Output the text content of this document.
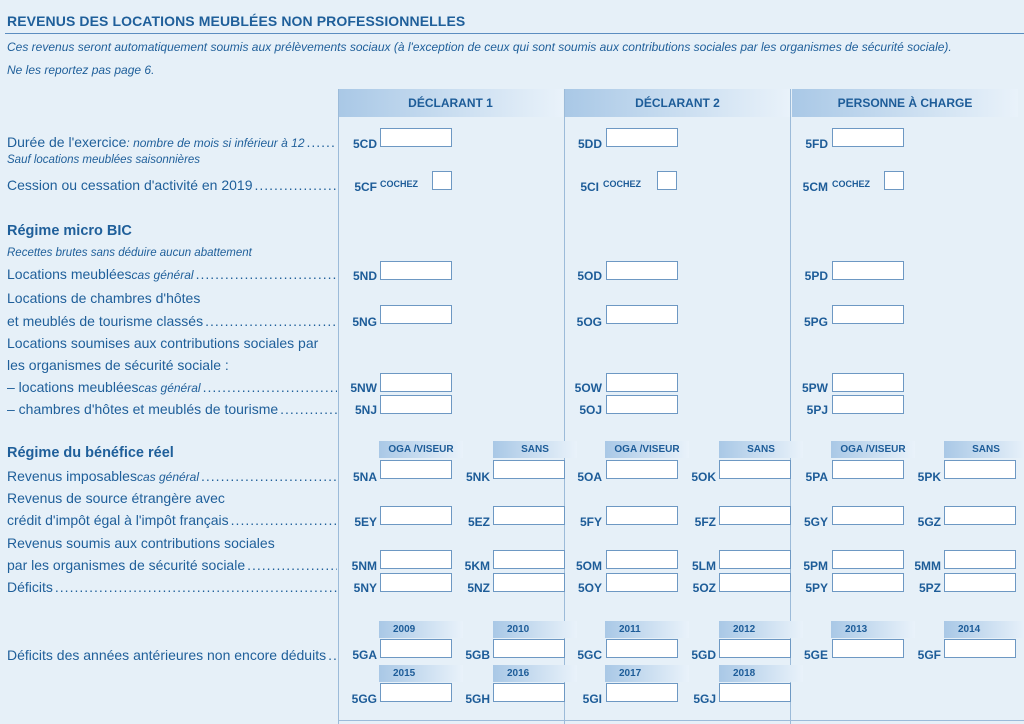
REVENUS DES LOCATIONS MEUBLÉES NON PROFESSIONNELLES
Ces revenus seront automatiquement soumis aux prélèvements sociaux (à l'exception de ceux qui sont soumis aux contributions sociales par les organismes de sécurité sociale).
Ne les reportez pas page 6.
DÉCLARANT 1	DÉCLARANT 2	PERSONNE À CHARGE
Durée de l'exercice : nombre de mois si inférieur à 12
.....
Sauf locations meublées saisonnières
5CD	5DD	5FD
Cession ou cessation d'activité en 2019 .....	5CF COCHEZ	5CI COCHEZ	5CM COCHEZ
Régime micro BIC
Recettes brutes sans déduire aucun abattement
Locations meublées cas général .....	5ND	5OD	5PD
Locations de chambres d'hôtes
et meublés de tourisme classés .....	5NG	5OG	5PG
Locations soumises aux contributions sociales par
les organismes de sécurité sociale :
– locations meublées cas général .....	5NW	5OW	5PW
– chambres d'hôtes et meublés de tourisme .....	5NJ	5OJ	5PJ
Régime du bénéfice réel	OGA /VISEUR	SANS	OGA /VISEUR	SANS	OGA /VISEUR	SANS
Revenus imposables cas général .....	5NA	5NK	5OA	5OK	5PA	5PK
Revenus de source étrangère avec
crédit d'impôt égal à l'impôt français .....	5EY	5EZ	5FY	5FZ	5GY	5GZ
Revenus soumis aux contributions sociales
par les organismes de sécurité sociale .....	5NM	5KM	5OM	5LM	5PM	5MM
Déficits .....	5NY	5NZ	5OY	5OZ	5PY	5PZ
Déficits des années antérieures non encore déduits
.....
2009	2010	2011	2012	2013	2014
5GA	5GB	5GC	5GD	5GE	5GF
2015	2016	2017	2018
5GG	5GH	5GI	5GJ
